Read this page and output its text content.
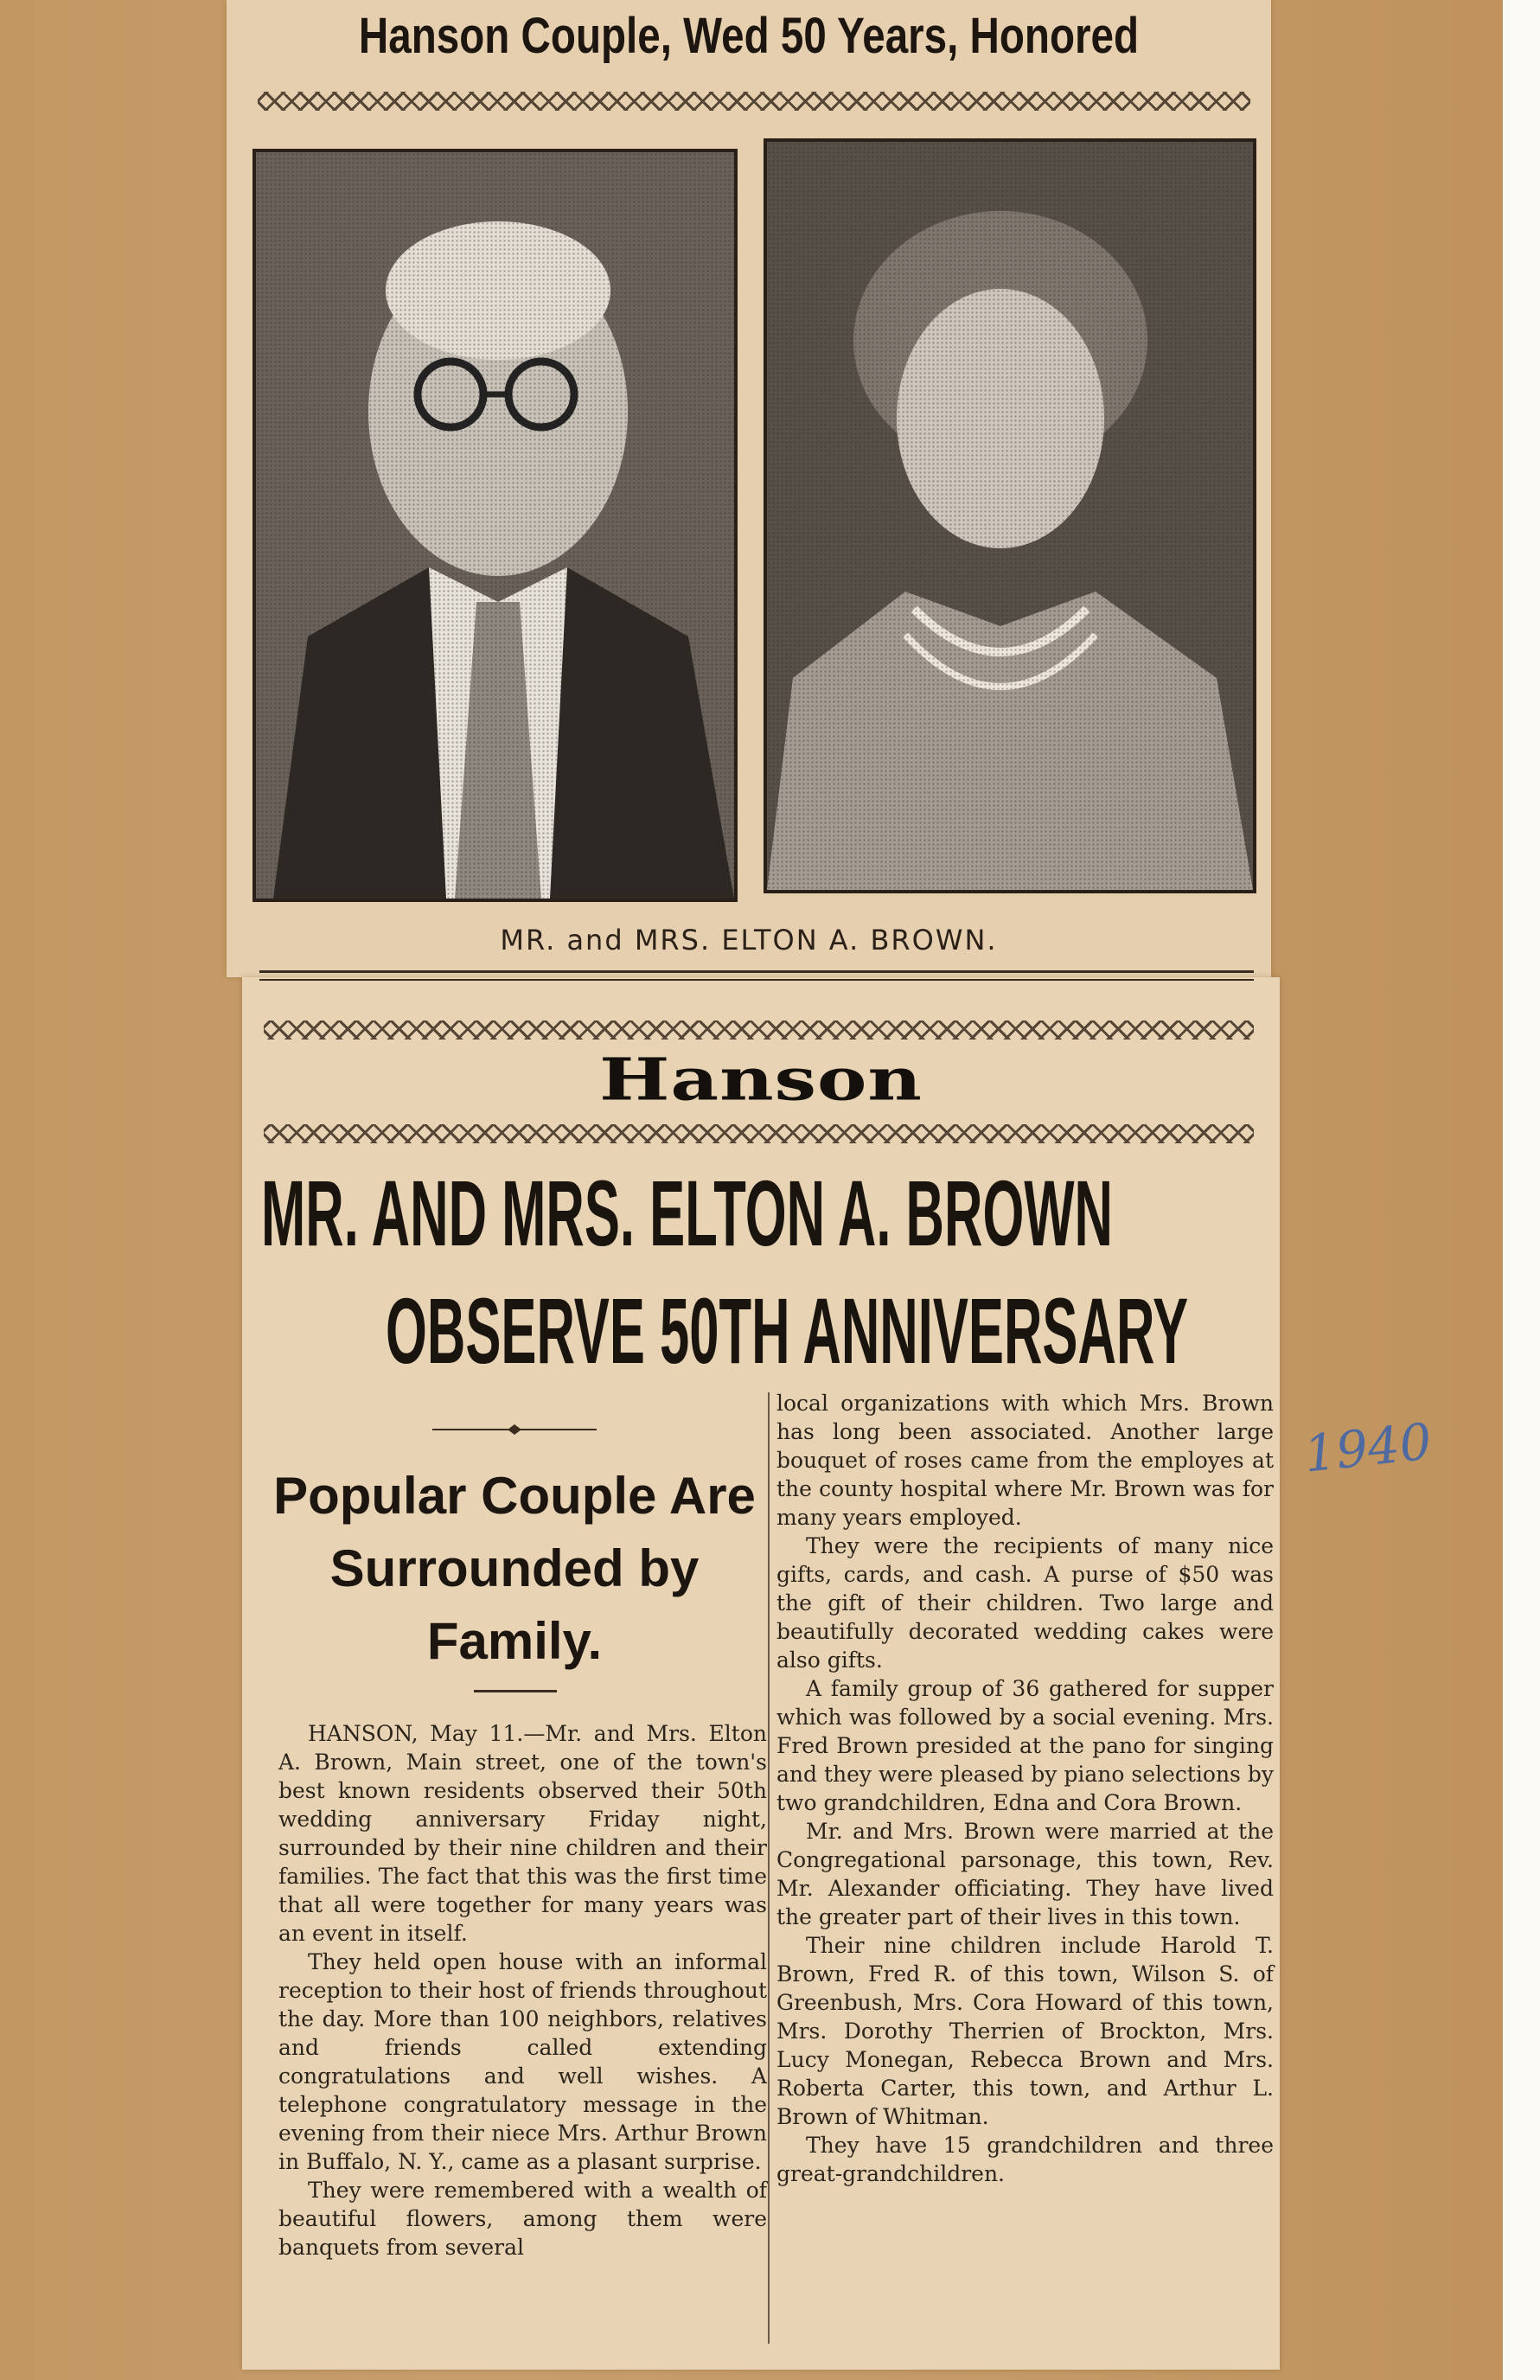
Hanson Couple, Wed 50 Years, Honored
MR. and MRS. ELTON A. BROWN.
Hanson
MR. AND MRS. ELTON A. BROWN
OBSERVE 50TH ANNIVERSARY
Popular Couple Are Surrounded by Family.

HANSON, May 11.—Mr. and Mrs. Elton A. Brown, Main street, one of the town's best known residents observed their 50th wedding anniversary Friday night, surrounded by their nine children and their families. The fact that this was the first time that all were together for many years was an event in itself.

They held open house with an informal reception to their host of friends throughout the day. More than 100 neighbors, relatives and friends called extending congratulations and well wishes. A telephone congratulatory message in the evening from their niece Mrs. Arthur Brown in Buffalo, N. Y., came as a plasant surprise.

They were remembered with a wealth of beautiful flowers, among them were banquets from several

local organizations with which Mrs. Brown has long been associated. Another large bouquet of roses came from the employes at the county hospital where Mr. Brown was for many years employed.

They were the recipients of many nice gifts, cards, and cash. A purse of $50 was the gift of their children. Two large and beautifully decorated wedding cakes were also gifts.

A family group of 36 gathered for supper which was followed by a social evening. Mrs. Fred Brown presided at the pano for singing and they were pleased by piano selections by two grandchildren, Edna and Cora Brown.

Mr. and Mrs. Brown were married at the Congregational parsonage, this town, Rev. Mr. Alexander officiating. They have lived the greater part of their lives in this town.

Their nine children include Harold T. Brown, Fred R. of this town, Wilson S. of Greenbush, Mrs. Cora Howard of this town, Mrs. Dorothy Therrien of Brockton, Mrs. Lucy Monegan, Rebecca Brown and Mrs. Roberta Carter, this town, and Arthur L. Brown of Whitman.

They have 15 grandchildren and three great-grandchildren.

1940
